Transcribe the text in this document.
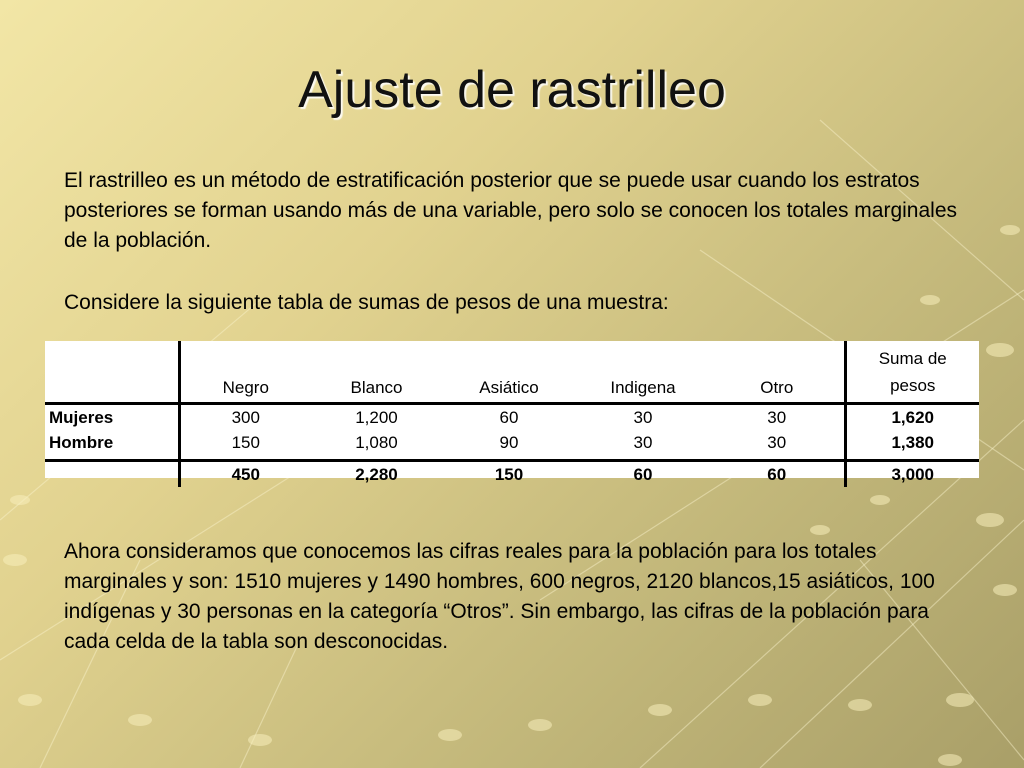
Ajuste de rastrilleo
El rastrilleo es un método de estratificación posterior que se puede usar cuando los estratos posteriores se forman usando más de una variable, pero solo se conocen los totales marginales de la población.
Considere la siguiente tabla de sumas de pesos de una muestra:
	Negro	Blanco	Asiático	Indigena	Otro	Suma de
pesos

Mujeres	300	1,200	60	30	30	1,620
Hombre	150	1,080	90	30	30	1,380
	450	2,280	150	60	60	3,000
Ahora consideramos que conocemos las cifras reales para la población para los totales marginales y son: 1510 mujeres y 1490 hombres, 600 negros, 2120 blancos,15 asiáticos, 100 indígenas y 30 personas en la categoría “Otros”. Sin embargo, las cifras de la población para cada celda de la tabla son desconocidas.
